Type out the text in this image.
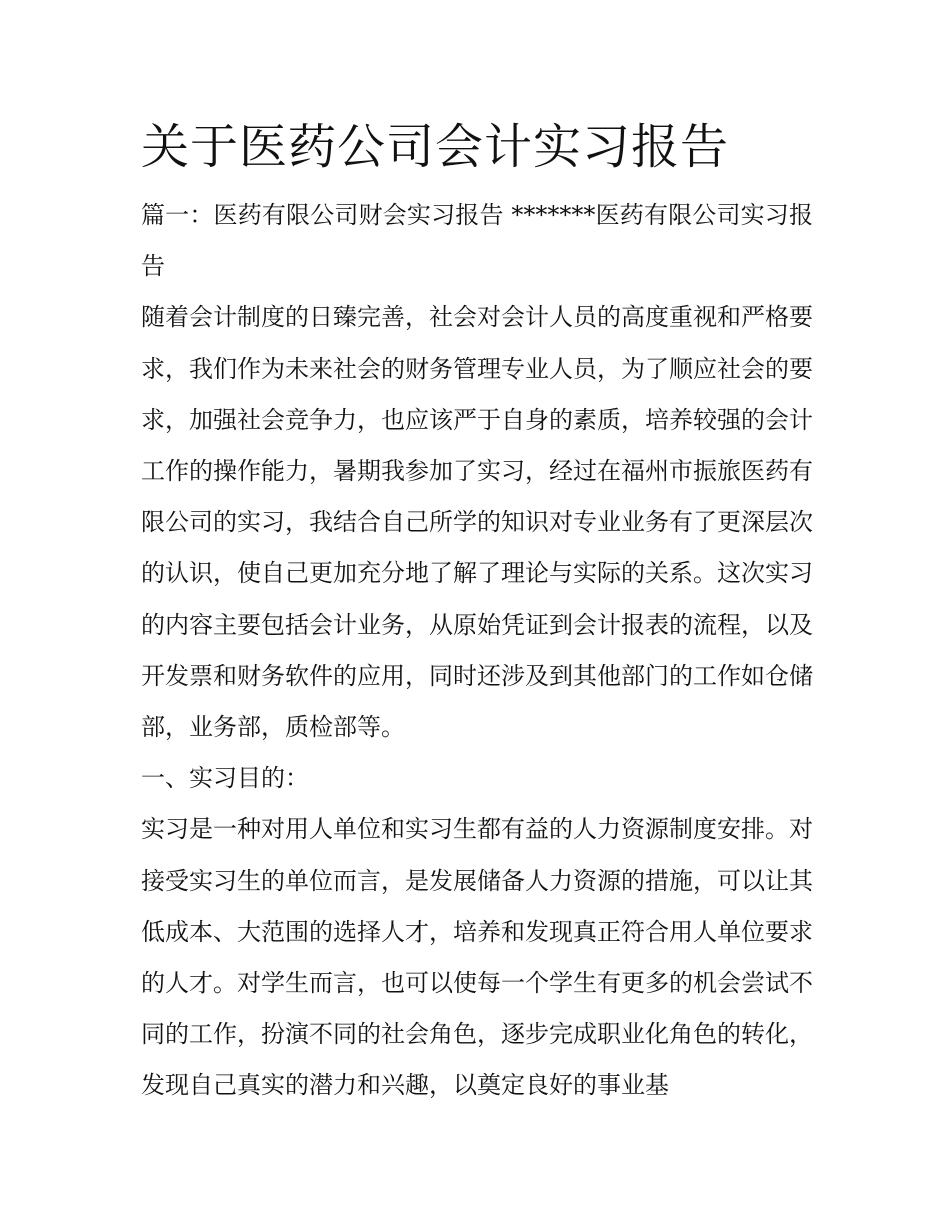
关于医药公司会计实习报告

篇一：医药有限公司财会实习报告 *******医药有限公司实习报告

随着会计制度的日臻完善，社会对会计人员的高度重视和严格要求，我们作为未来社会的财务管理专业人员，为了顺应社会的要求，加强社会竞争力，也应该严于自身的素质，培养较强的会计工作的操作能力，暑期我参加了实习，经过在福州市振旅医药有限公司的实习，我结合自己所学的知识对专业业务有了更深层次的认识，使自己更加充分地了解了理论与实际的关系。这次实习的内容主要包括会计业务，从原始凭证到会计报表的流程，以及开发票和财务软件的应用，同时还涉及到其他部门的工作如仓储部，业务部，质检部等。

一、实习目的：

实习是一种对用人单位和实习生都有益的人力资源制度安排。对接受实习生的单位而言，是发展储备人力资源的措施，可以让其低成本、大范围的选择人才，培养和发现真正符合用人单位要求的人才。对学生而言，也可以使每一个学生有更多的机会尝试不同的工作，扮演不同的社会角色，逐步完成职业化角色的转化，发现自己真实的潜力和兴趣，以奠定良好的事业基
